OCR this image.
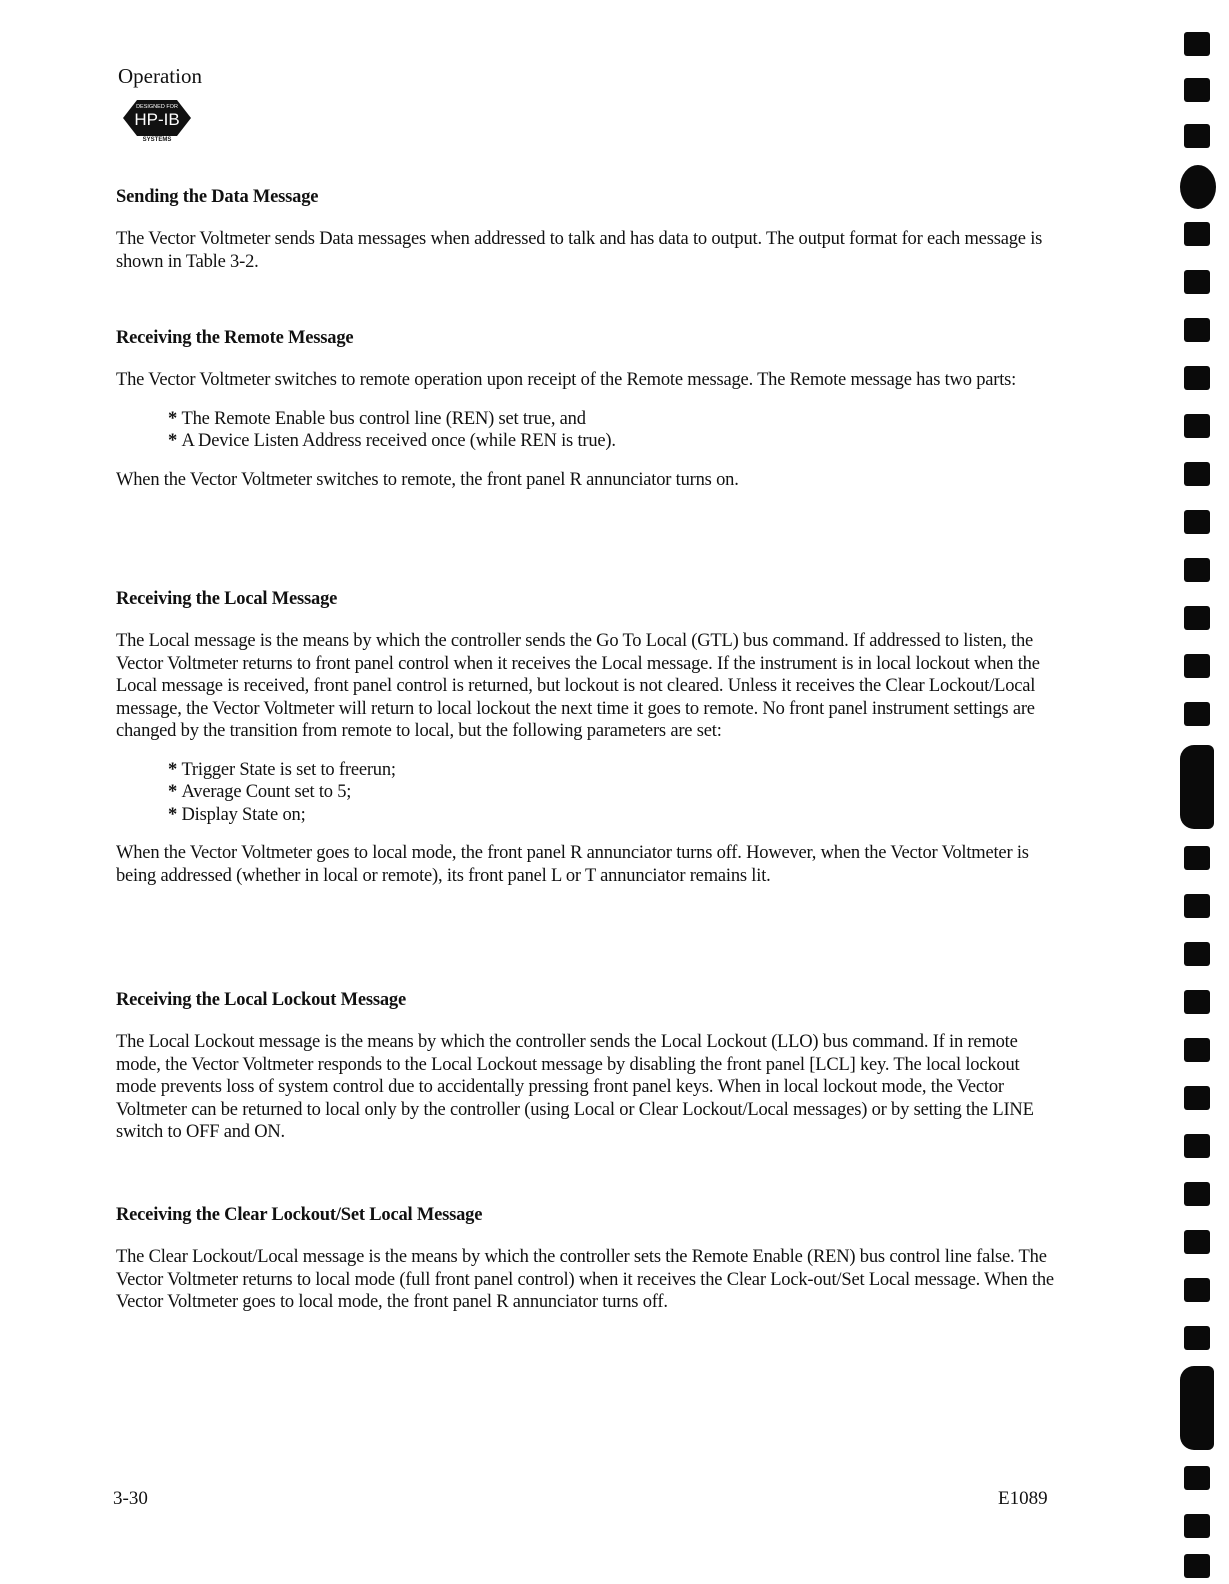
Operation
DESIGNED FOR
HP-IB
SYSTEMS
Sending the Data Message

The Vector Voltmeter sends Data messages when addressed to talk and has data to output. The output format for each message is shown in Table 3-2.

Receiving the Remote Message

The Vector Voltmeter switches to remote operation upon receipt of the Remote message. The Remote message has two parts:

* The Remote Enable bus control line (REN) set true, and
* A Device Listen Address received once (while REN is true).

When the Vector Voltmeter switches to remote, the front panel R annunciator turns on.

Receiving the Local Message

The Local message is the means by which the controller sends the Go To Local (GTL) bus command. If addressed to listen, the Vector Voltmeter returns to front panel control when it receives the Local message. If the instrument is in local lockout when the Local message is received, front panel control is returned, but lockout is not cleared. Unless it receives the Clear Lockout/Local message, the Vector Voltmeter will return to local lockout the next time it goes to remote. No front panel instrument settings are changed by the transition from remote to local, but the following parameters are set:

* Trigger State is set to freerun;
* Average Count set to 5;
* Display State on;

When the Vector Voltmeter goes to local mode, the front panel R annunciator turns off. However, when the Vector Voltmeter is being addressed (whether in local or remote), its front panel L or T annunciator remains lit.

Receiving the Local Lockout Message

The Local Lockout message is the means by which the controller sends the Local Lockout (LLO) bus command. If in remote mode, the Vector Voltmeter responds to the Local Lockout message by disabling the front panel [LCL] key. The local lockout mode prevents loss of system control due to accidentally pressing front panel keys. When in local lockout mode, the Vector Voltmeter can be returned to local only by the controller (using Local or Clear Lockout/Local messages) or by setting the LINE switch to OFF and ON.

Receiving the Clear Lockout/Set Local Message

The Clear Lockout/Local message is the means by which the controller sets the Remote Enable (REN) bus control line false. The Vector Voltmeter returns to local mode (full front panel control) when it receives the Clear Lock-out/Set Local message. When the Vector Voltmeter goes to local mode, the front panel R annunciator turns off.

3-30	E1089
